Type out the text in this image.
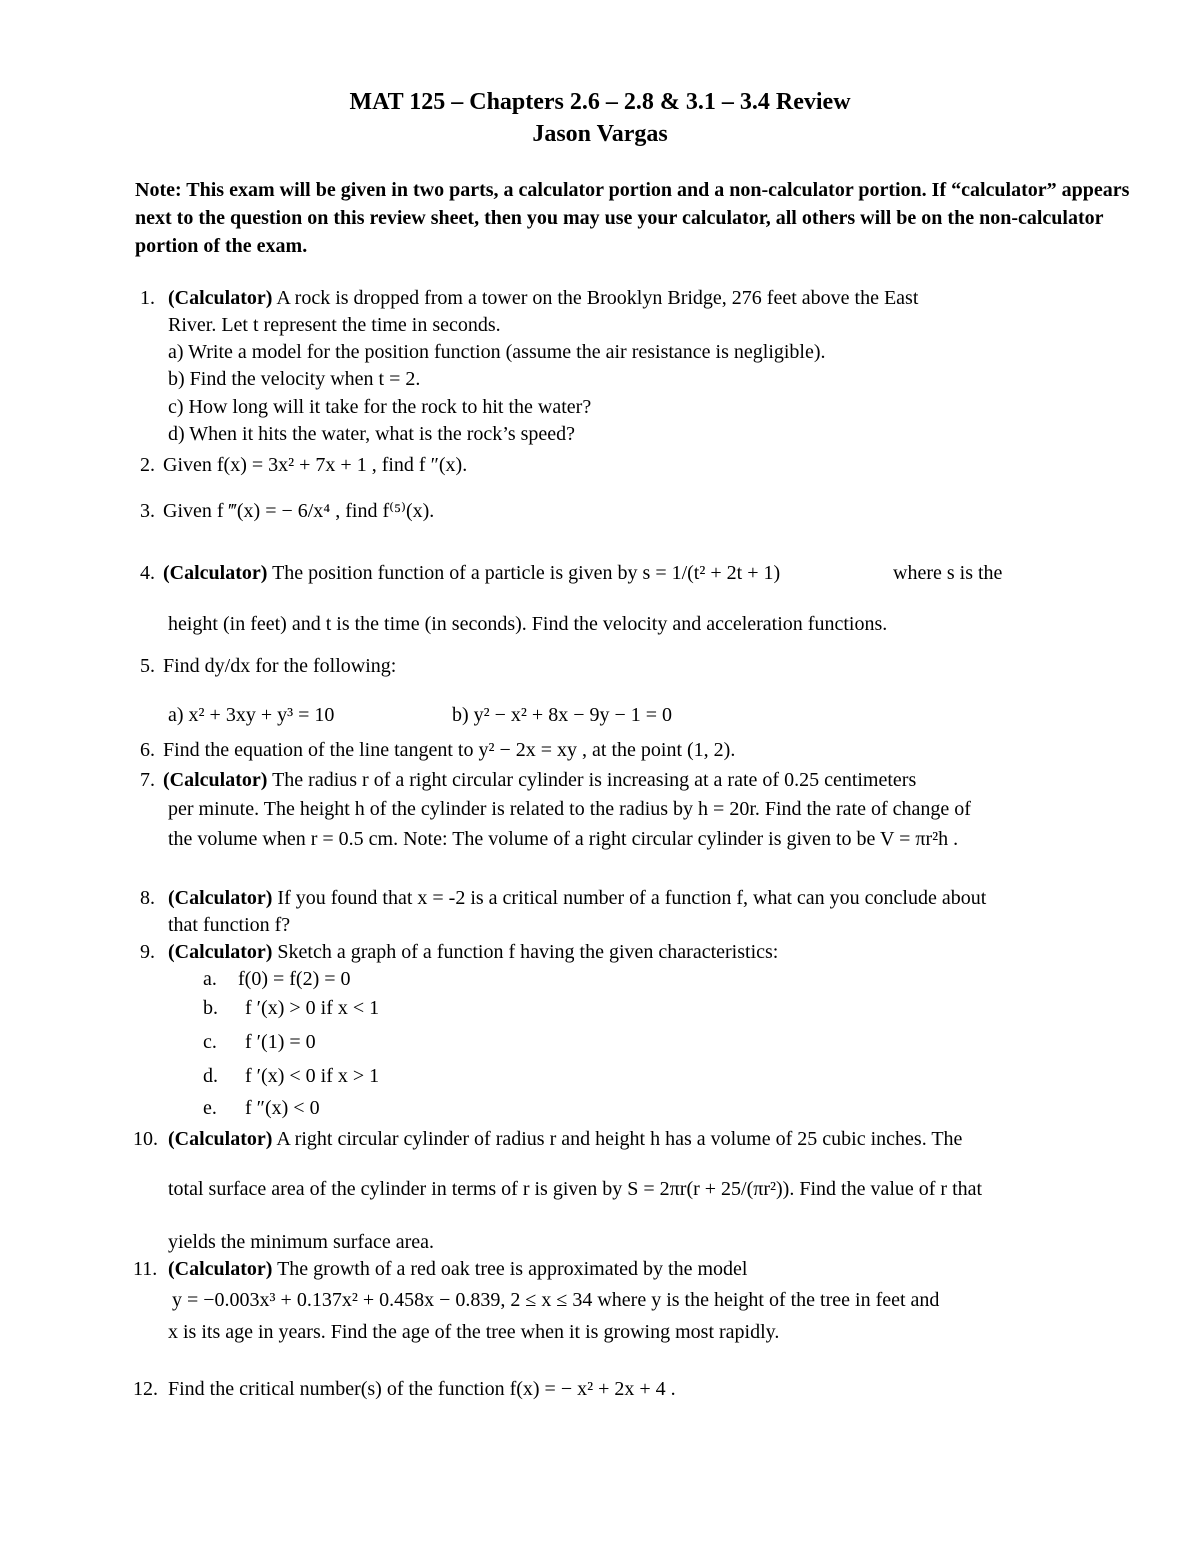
MAT 125 – Chapters 2.6 – 2.8 & 3.1 – 3.4 Review
Jason Vargas
Note: This exam will be given in two parts, a calculator portion and a non-calculator portion. If “calculator” appears next to the question on this review sheet, then you may use your calculator, all others will be on the non-calculator portion of the exam.
1. (Calculator) A rock is dropped from a tower on the Brooklyn Bridge, 276 feet above the East
River. Let t represent the time in seconds.
a) Write a model for the position function (assume the air resistance is negligible).
b) Find the velocity when t = 2.
c) How long will it take for the rock to hit the water?
d) When it hits the water, what is the rock’s speed?
2. Given f(x) = 3x² + 7x + 1 , find f ″(x).
3. Given f ‴(x) = − 6/x⁴ , find f⁽⁵⁾(x).
4. (Calculator) The position function of a particle is given by s = 1/(t² + 2t + 1)	where s is the
height (in feet) and t is the time (in seconds). Find the velocity and acceleration functions.
5. Find dy/dx for the following:
a) x² + 3xy + y³ = 10	b) y² − x² + 8x − 9y − 1 = 0
6. Find the equation of the line tangent to y² − 2x = xy , at the point (1, 2).
7. (Calculator) The radius r of a right circular cylinder is increasing at a rate of 0.25 centimeters
per minute. The height h of the cylinder is related to the radius by h = 20r. Find the rate of change of
the volume when r = 0.5 cm. Note: The volume of a right circular cylinder is given to be V = πr²h .
8. (Calculator) If you found that x = -2 is a critical number of a function f, what can you conclude about
that function f?
9. (Calculator) Sketch a graph of a function f having the given characteristics:
a. f(0) = f(2) = 0
b. f ′(x) > 0 if x < 1
c. f ′(1) = 0
d. f ′(x) < 0 if x > 1
e. f ″(x) < 0
10. (Calculator) A right circular cylinder of radius r and height h has a volume of 25 cubic inches. The
total surface area of the cylinder in terms of r is given by S = 2πr(r + 25/(πr²)). Find the value of r that
yields the minimum surface area.
11. (Calculator) The growth of a red oak tree is approximated by the model
y = −0.003x³ + 0.137x² + 0.458x − 0.839, 2 ≤ x ≤ 34 where y is the height of the tree in feet and
x is its age in years. Find the age of the tree when it is growing most rapidly.
12. Find the critical number(s) of the function f(x) = − x² + 2x + 4 .
